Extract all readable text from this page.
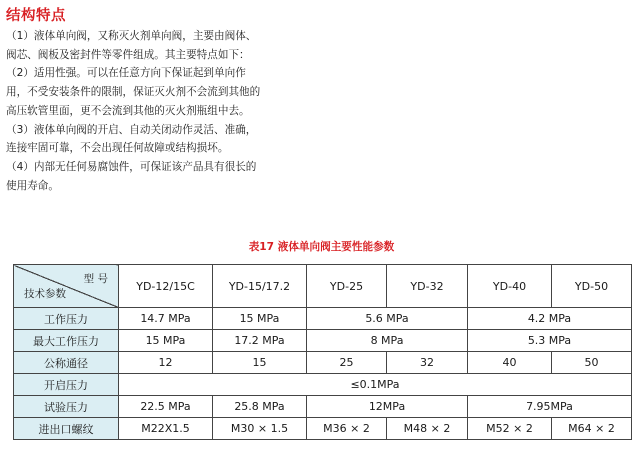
结构特点

（1）液体单向阀，又称灭火剂单向阀，主要由阀体、

阀芯、阀板及密封件等零件组成。其主要特点如下：

（2）适用性强。可以在任意方向下保证起到单向作

用，不受安装条件的限制，保证灭火剂不会流到其他的

高压软管里面，更不会流到其他的灭火剂瓶组中去。

（3）液体单向阀的开启、自动关闭动作灵活、准确，

连接牢固可靠，不会出现任何故障或结构损坏。

（4）内部无任何易腐蚀件，可保证该产品具有很长的

使用寿命。

表17 液体单向阀主要性能参数
型 号
技术参数	YD-12/15C	YD-15/17.2	YD-25	YD-32	YD-40	YD-50
工作压力	14.7 MPa	15 MPa	5.6 MPa		4.2 MPa	
最大工作压力	15 MPa	17.2 MPa	8 MPa		5.3 MPa	
公称通径	12	15	25	32	40	50
开启压力	≤0.1MPa					
试验压力	22.5 MPa	25.8 MPa	12MPa		7.95MPa	
进出口螺纹	M22X1.5	M30 × 1.5	M36 × 2	M48 × 2	M52 × 2	M64 × 2
